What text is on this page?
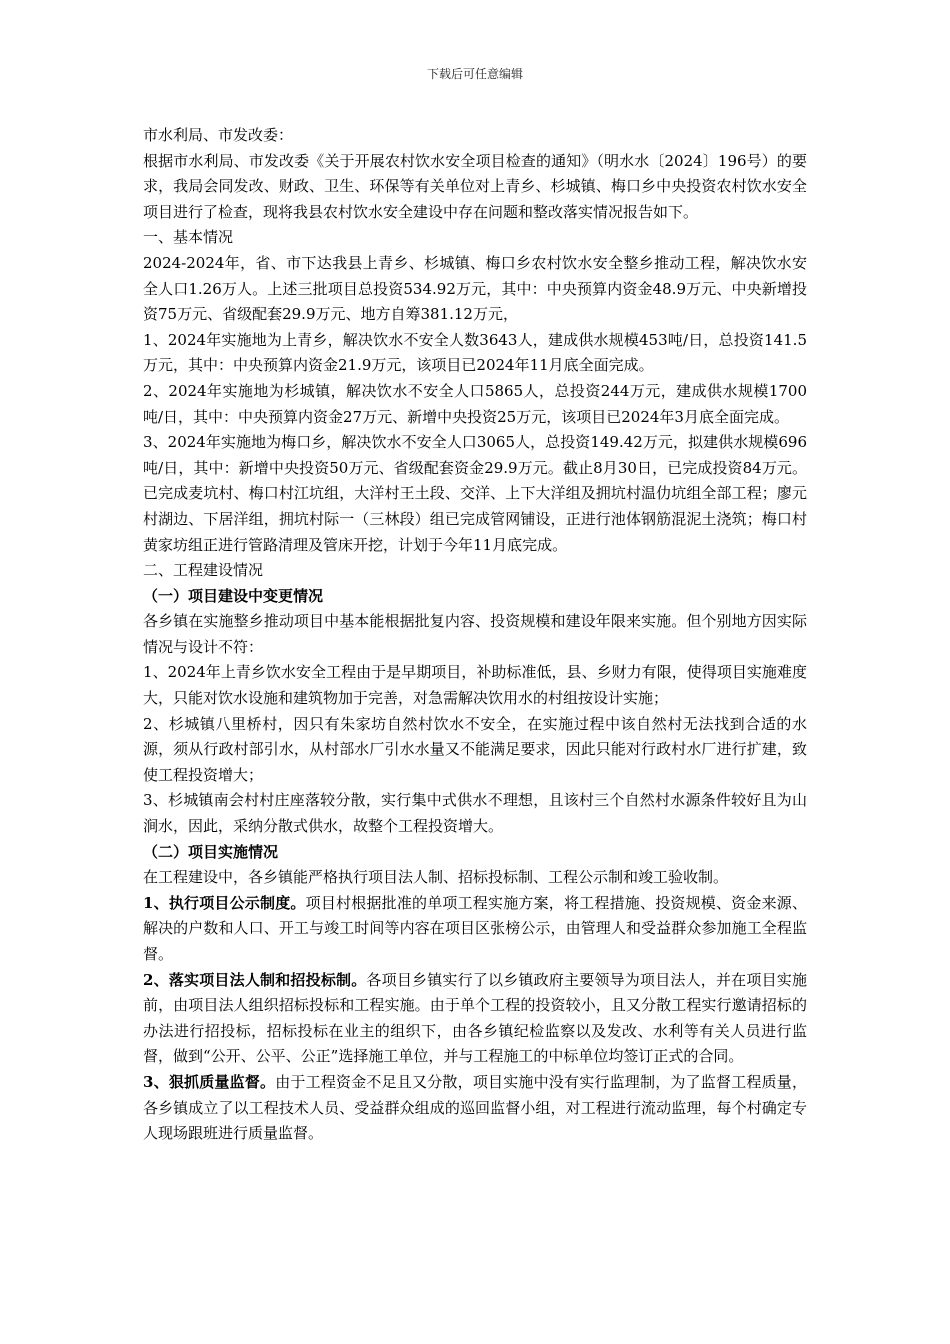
下载后可任意编辑

市水利局、市发改委：

根据市水利局、市发改委《关于开展农村饮水安全项目检查的通知》（明水水〔2024〕196号）的要求，我局会同发改、财政、卫生、环保等有关单位对上青乡、杉城镇、梅口乡中央投资农村饮水安全项目进行了检查，现将我县农村饮水安全建设中存在问题和整改落实情况报告如下。

一、基本情况

2024-2024年，省、市下达我县上青乡、杉城镇、梅口乡农村饮水安全整乡推动工程，解决饮水安全人口1.26万人。上述三批项目总投资534.92万元，其中：中央预算内资金48.9万元、中央新增投资75万元、省级配套29.9万元、地方自筹381.12万元，

1、2024年实施地为上青乡，解决饮水不安全人数3643人，建成供水规模453吨/日，总投资141.5万元，其中：中央预算内资金21.9万元，该项目已2024年11月底全面完成。

2、2024年实施地为杉城镇，解决饮水不安全人口5865人，总投资244万元，建成供水规模1700吨/日，其中：中央预算内资金27万元、新增中央投资25万元，该项目已2024年3月底全面完成。

3、2024年实施地为梅口乡，解决饮水不安全人口3065人，总投资149.42万元，拟建供水规模696吨/日，其中：新增中央投资50万元、省级配套资金29.9万元。截止8月30日，已完成投资84万元。已完成麦坑村、梅口村江坑组，大洋村王土段、交洋、上下大洋组及拥坑村温仂坑组全部工程；廖元村湖边、下居洋组，拥坑村际一（三林段）组已完成管网铺设，正进行池体钢筋混泥土浇筑；梅口村黄家坊组正进行管路清理及管床开挖，计划于今年11月底完成。

二、工程建设情况

（一）项目建设中变更情况

各乡镇在实施整乡推动项目中基本能根据批复内容、投资规模和建设年限来实施。但个别地方因实际情况与设计不符：

1、2024年上青乡饮水安全工程由于是早期项目，补助标准低，县、乡财力有限，使得项目实施难度大，只能对饮水设施和建筑物加于完善，对急需解决饮用水的村组按设计实施；

2、杉城镇八里桥村，因只有朱家坊自然村饮水不安全，在实施过程中该自然村无法找到合适的水源，须从行政村部引水，从村部水厂引水水量又不能满足要求，因此只能对行政村水厂进行扩建，致使工程投资增大；

3、杉城镇南会村村庄座落较分散，实行集中式供水不理想，且该村三个自然村水源条件较好且为山涧水，因此，采纳分散式供水，故整个工程投资增大。

（二）项目实施情况

在工程建设中，各乡镇能严格执行项目法人制、招标投标制、工程公示制和竣工验收制。

1、执行项目公示制度。项目村根据批准的单项工程实施方案，将工程措施、投资规模、资金来源、解决的户数和人口、开工与竣工时间等内容在项目区张榜公示，由管理人和受益群众参加施工全程监督。

2、落实项目法人制和招投标制。各项目乡镇实行了以乡镇政府主要领导为项目法人，并在项目实施前，由项目法人组织招标投标和工程实施。由于单个工程的投资较小，且又分散工程实行邀请招标的办法进行招投标，招标投标在业主的组织下，由各乡镇纪检监察以及发改、水利等有关人员进行监督，做到“公开、公平、公正”选择施工单位，并与工程施工的中标单位均签订正式的合同。

3、狠抓质量监督。由于工程资金不足且又分散，项目实施中没有实行监理制，为了监督工程质量，各乡镇成立了以工程技术人员、受益群众组成的巡回监督小组，对工程进行流动监理，每个村确定专人现场跟班进行质量监督。
